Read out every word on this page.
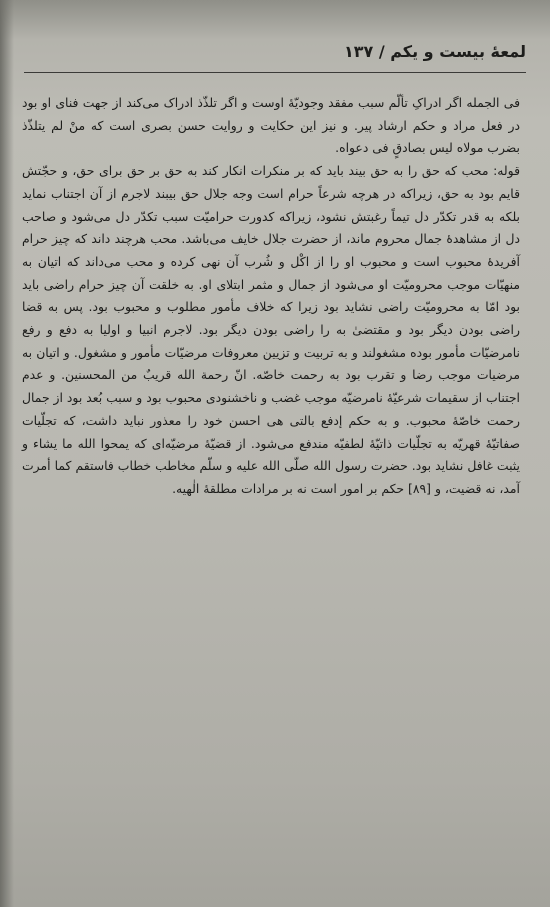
لمعهٔ بیست و یکم / ۱۳۷

فی الجمله اگر ادراکِ تألّم سبب مفقد وجودیّهٔ اوست و اگر تلذّذ ادراک می‌کند از جهت فنای او بود در فعل مراد و حکم ارشاد پیر. و نیز این حکایت و روایت حسن بصری است که منْ لم یتلذّذ بضرب مولاه لیس بصادقٍ فی دعواه.

قوله: محب که حق را به حق بیند باید که بر منکرات انکار کند به حق بر حق برای حق، و حجّتش قایم بود به حق، زیراکه در هرچه شرعاً حرام است وجه جلال حق بیبند لاجرم از آن اجتناب نماید بلکه به قدر تکدّر دل تیماً رغبتش نشود، زیراکه کدورت حرامیّت سبب تکدّر دل می‌شود و صاحب دل از مشاهدهٔ جمال محروم ماند، از حضرت جلال خایف می‌باشد. محب هرچند داند که چیز حرام آفریدهٔ محبوب است و محبوب او را از اکْل و شُرب آن نهی کرده و محب می‌داند که اتیان به منهیّات موجب محرومیّت او می‌شود از جمال و مثمر ابتلای او. به خلقت آن چیز حرام راضی باید بود امّا به محرومیّت راضی نشاید بود زیرا که خلاف مأمور مطلوب و محبوب بود. پس به قضا راضی بودن دیگر بود و مقتضیٰ به را راضی بودن دیگر بود. لاجرم انبیا و اولیا به دفع و رفع نامرضیّات مأمور بوده مشغولند و به تربیت و تزیین معروفات مرضیّات مأمور و مشغول. و اتیان به مرضیات موجب رضا و تقرب بود به رحمت خاصّه. انّ رحمة الله قریبٌ من المحسنین. و عدم اجتناب از سقیمات شرعیّهٔ نامرضیّه موجب غضب و ناخشنودی محبوب بود و سبب بُعد بود از جمال رحمت خاصّهٔ محبوب. و به حکم إدفع بالتی هی احسن خود را معذور نباید داشت، که تجلّیات صفاتیّهٔ قهریّه به تجلّیات ذاتیّهٔ لطفیّه مندفع می‌شود. از قضیّهٔ مرضیّه‌ای که یمحوا الله ما یشاء و یثبت غافل نشاید بود. حضرت رسول الله صلّی الله علیه و سلّم مخاطب خطاب فاستقم کما أمرت آمد، نه قضیت، و [۸۹] حکم بر امور است نه بر مرادات مطلقهٔ الٰهیه.
